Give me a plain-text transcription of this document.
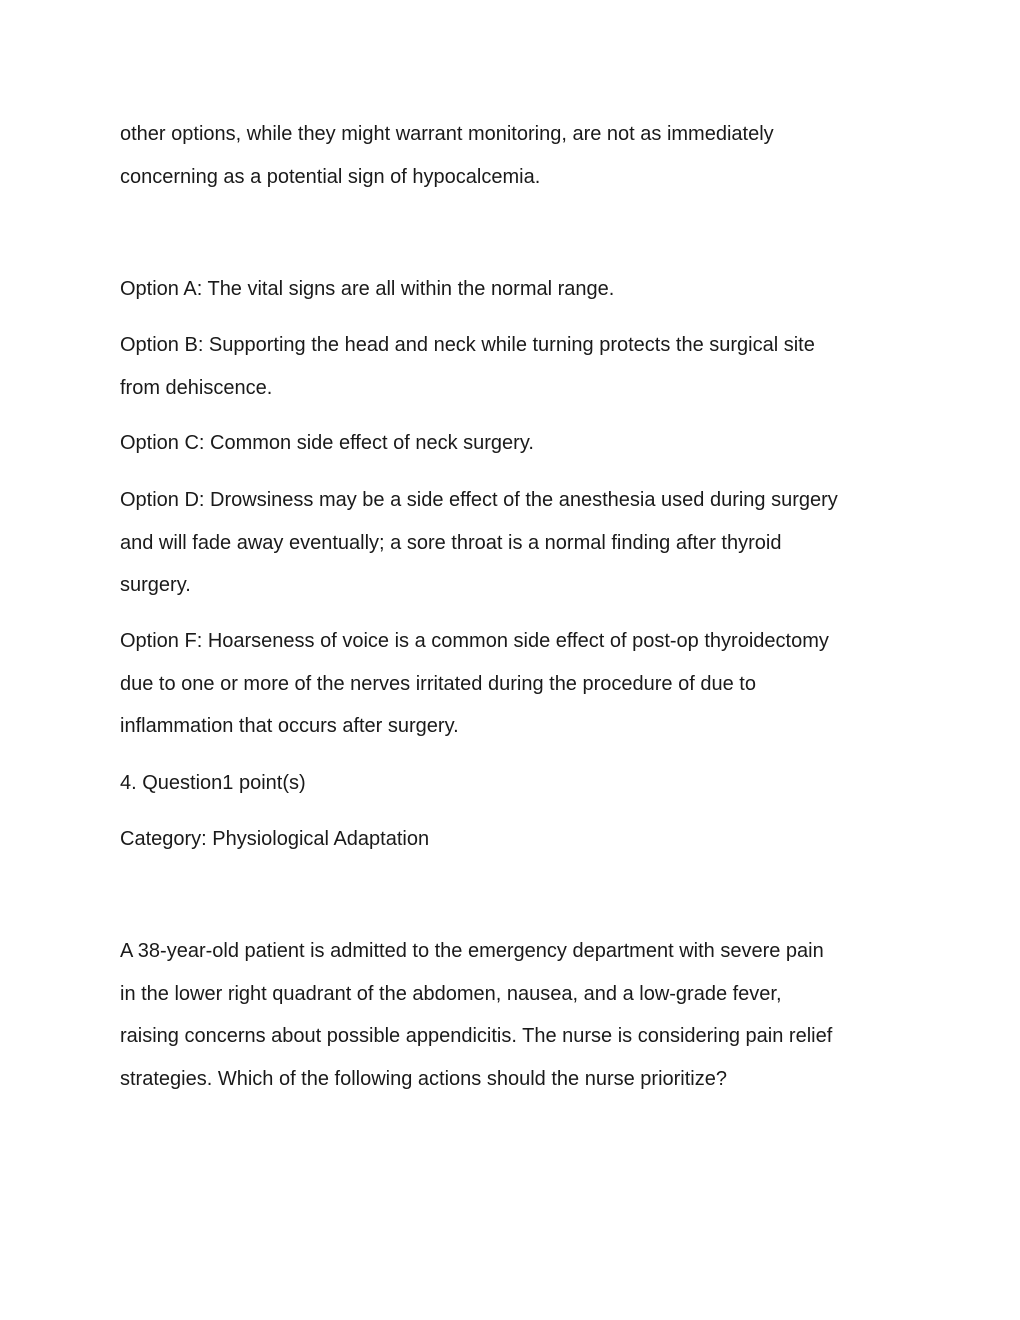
other options, while they might warrant monitoring, are not as immediately
concerning as a potential sign of hypocalcemia.
Option A: The vital signs are all within the normal range.
Option B: Supporting the head and neck while turning protects the surgical site
from dehiscence.
Option C: Common side effect of neck surgery.
Option D: Drowsiness may be a side effect of the anesthesia used during surgery
and will fade away eventually; a sore throat is a normal finding after thyroid
surgery.
Option F: Hoarseness of voice is a common side effect of post-op thyroidectomy
due to one or more of the nerves irritated during the procedure of due to
inflammation that occurs after surgery.
4. Question1 point(s)
Category: Physiological Adaptation
A 38-year-old patient is admitted to the emergency department with severe pain
in the lower right quadrant of the abdomen, nausea, and a low-grade fever,
raising concerns about possible appendicitis. The nurse is considering pain relief
strategies. Which of the following actions should the nurse prioritize?
